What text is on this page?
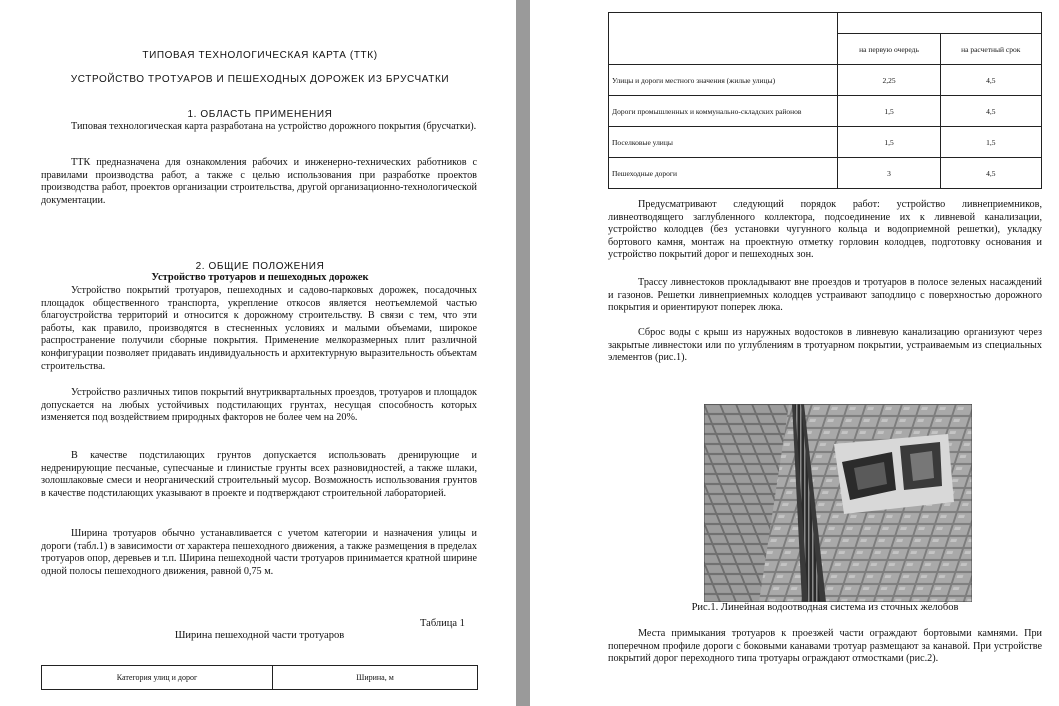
ТИПОВАЯ ТЕХНОЛОГИЧЕСКАЯ КАРТА (ТТК)
УСТРОЙСТВО ТРОТУАРОВ И ПЕШЕХОДНЫХ ДОРОЖЕК ИЗ БРУСЧАТКИ
1. ОБЛАСТЬ ПРИМЕНЕНИЯ

Типовая технологическая карта разработана на устройство дорожного покрытия (брусчатки).

ТТК предназначена для ознакомления рабочих и инженерно-технических работников с правилами производства работ, а также с целью использования при разработке проектов производства работ, проектов организации строительства, другой организационно-технологической документации.

2. ОБЩИЕ ПОЛОЖЕНИЯ
Устройство тротуаров и пешеходных дорожек

Устройство покрытий тротуаров, пешеходных и садово-парковых дорожек, посадочных площадок общественного транспорта, укрепление откосов является неотъемлемой частью благоустройства территорий и относится к дорожному строительству. В связи с тем, что эти работы, как правило, производятся в стесненных условиях и малыми объемами, широкое распространение получили сборные покрытия. Применение мелкоразмерных плит различной конфигурации позволяет придавать индивидуальность и архитектурную выразительность объектам строительства.

Устройство различных типов покрытий внутриквартальных проездов, тротуаров и площадок допускается на любых устойчивых подстилающих грунтах, несущая способность которых изменяется под воздействием природных факторов не более чем на 20%.

В качестве подстилающих грунтов допускается использовать дренирующие и недренирующие песчаные, супесчаные и глинистые грунты всех разновидностей, а также шлаки, золошлаковые смеси и неорганический строительный мусор. Возможность использования грунтов в качестве подстилающих указывают в проекте и подтверждают строительной лабораторией.

Ширина тротуаров обычно устанавливается с учетом категории и назначения улицы и дороги (табл.1) в зависимости от характера пешеходного движения, а также размещения в пределах тротуаров опор, деревьев и т.п. Ширина пешеходной части тротуаров принимается кратной ширине одной полосы пешеходного движения, равной 0,75 м.

Таблица 1
Ширина пешеходной части тротуаров
Категория улиц и дорог	Ширина, м

	на первую очередь	на расчетный срок
Улицы и дороги местного значения (жилые улицы)	2,25	4,5
Дороги промышленных и коммунально-складских районов	1,5	4,5
Поселковые улицы	1,5	1,5
Пешеходные дороги	3	4,5

Предусматривают следующий порядок работ: устройство ливнеприемников, ливнеотводящего заглубленного коллектора, подсоединение их к ливневой канализации, устройство колодцев (без установки чугунного кольца и водоприемной решетки), укладку бортового камня, монтаж на проектную отметку горловин колодцев, подготовку основания и устройство покрытий дорог и пешеходных зон.

Трассу ливнестоков прокладывают вне проездов и тротуаров в полосе зеленых насаждений и газонов. Решетки ливнеприемных колодцев устраивают заподлицо с поверхностью дорожного покрытия и ориентируют поперек люка.

Сброс воды с крыш из наружных водостоков в ливневую канализацию организуют через закрытые ливнестоки или по углублениям в тротуарном покрытии, устраиваемым из специальных элементов (рис.1).

Рис.1. Линейная водоотводная система из сточных желобов

Места примыкания тротуаров к проезжей части ограждают бортовыми камнями. При поперечном профиле дороги с боковыми канавами тротуар размещают за канавой. При устройстве покрытий дорог переходного типа тротуары ограждают отмостками (рис.2).
